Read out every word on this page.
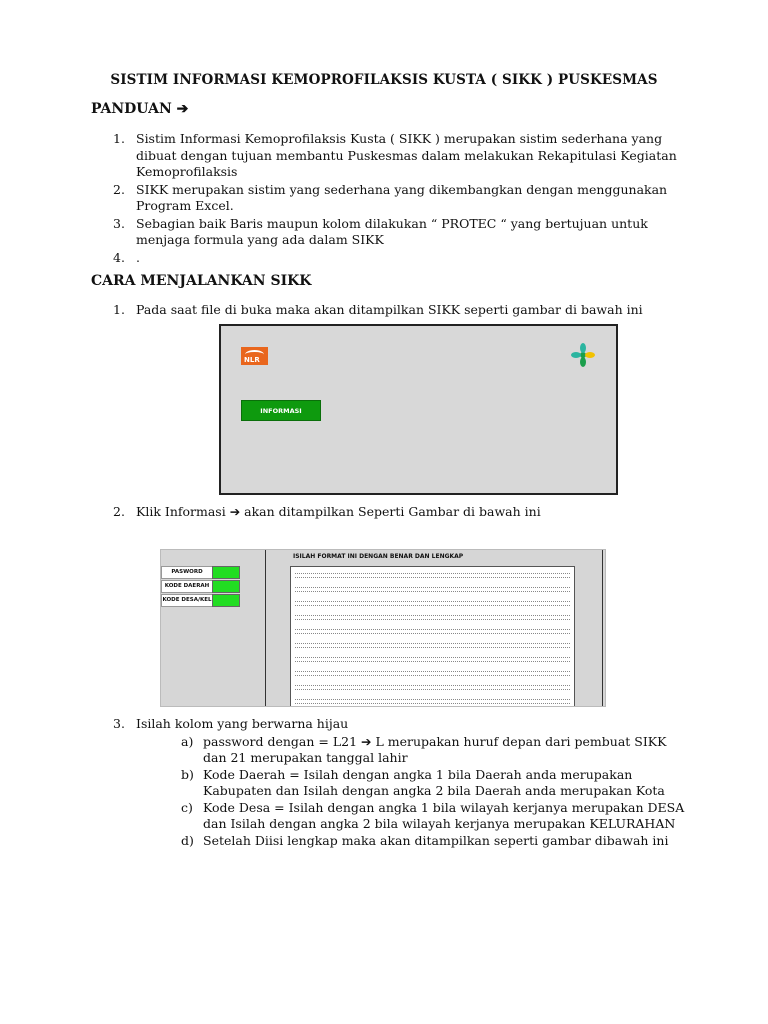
SISTIM INFORMASI KEMOPROFILAKSIS KUSTA ( SIKK ) PUSKESMAS
PANDUAN ➔
1. Sistim Informasi Kemoprofilaksis Kusta ( SIKK ) merupakan sistim sederhana yang dibuat dengan tujuan membantu Puskesmas dalam melakukan Rekapitulasi Kegiatan Kemoprofilaksis
2. SIKK merupakan sistim yang sederhana yang dikembangkan dengan menggunakan Program Excel.
3. Sebagian baik Baris maupun kolom dilakukan “ PROTEC “ yang bertujuan untuk menjaga formula yang ada dalam SIKK
4. .
CARA MENJALANKAN SIKK
1. Pada saat file di buka maka akan ditampilkan SIKK seperti gambar di bawah ini
NLR
INFORMASI
2. Klik Informasi ➔ akan ditampilkan Seperti Gambar di bawah ini
PASWORD
KODE DAERAH
KODE DESA/KEL
ISILAH FORMAT INI DENGAN BENAR DAN LENGKAP
3. Isilah kolom yang berwarna hijau
a) password dengan = L21 ➔ L merupakan huruf depan dari pembuat SIKK dan 21 merupakan tanggal lahir
b) Kode Daerah = Isilah dengan angka 1 bila Daerah anda merupakan Kabupaten dan Isilah dengan angka 2 bila Daerah anda merupakan Kota
c) Kode Desa = Isilah dengan angka 1 bila wilayah kerjanya merupakan DESA dan Isilah dengan angka 2 bila wilayah kerjanya merupakan KELURAHAN
d) Setelah Diisi lengkap maka akan ditampilkan seperti gambar dibawah ini
